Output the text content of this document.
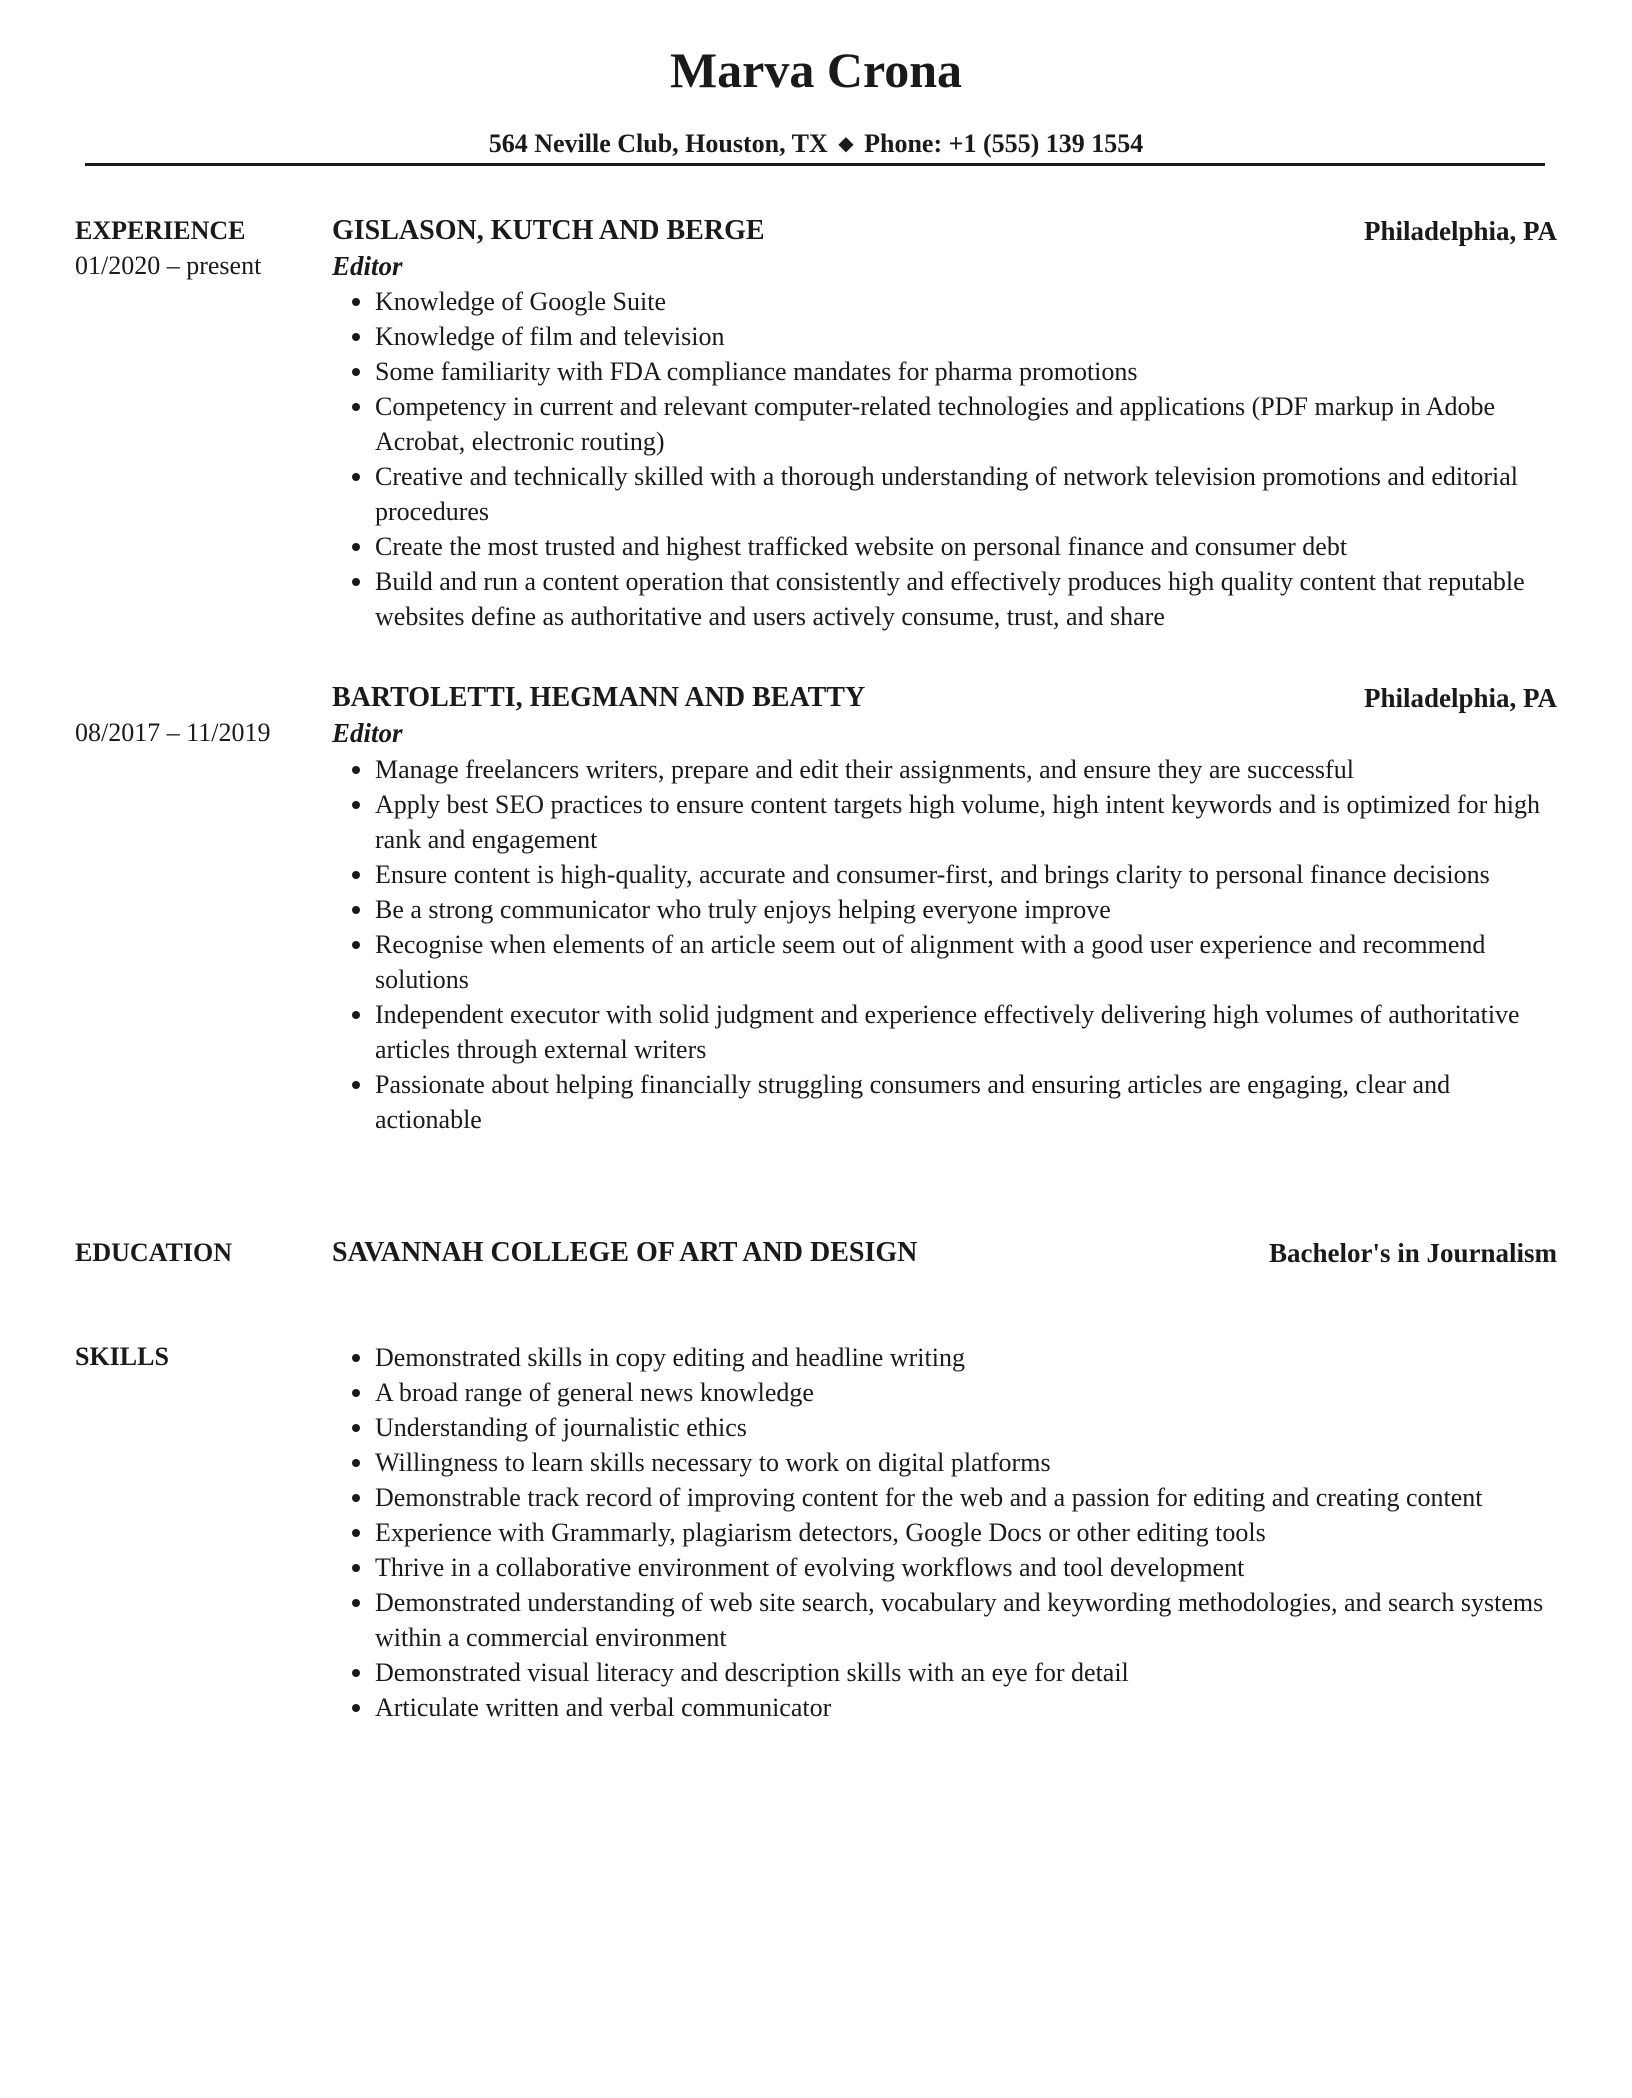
Marva Crona
564 Neville Club, Houston, TX ◆ Phone: +1 (555) 139 1554
EXPERIENCE
01/2020 – present
GISLASON, KUTCH AND BERGE	Philadelphia, PA
Editor
Knowledge of Google Suite
Knowledge of film and television
Some familiarity with FDA compliance mandates for pharma promotions
Competency in current and relevant computer-related technologies and applications (PDF markup in Adobe Acrobat, electronic routing)
Creative and technically skilled with a thorough understanding of network television promotions and editorial procedures
Create the most trusted and highest trafficked website on personal finance and consumer debt
Build and run a content operation that consistently and effectively produces high quality content that reputable websites define as authoritative and users actively consume, trust, and share
08/2017 – 11/2019
BARTOLETTI, HEGMANN AND BEATTY	Philadelphia, PA
Editor
Manage freelancers writers, prepare and edit their assignments, and ensure they are successful
Apply best SEO practices to ensure content targets high volume, high intent keywords and is optimized for high rank and engagement
Ensure content is high-quality, accurate and consumer-first, and brings clarity to personal finance decisions
Be a strong communicator who truly enjoys helping everyone improve
Recognise when elements of an article seem out of alignment with a good user experience and recommend solutions
Independent executor with solid judgment and experience effectively delivering high volumes of authoritative articles through external writers
Passionate about helping financially struggling consumers and ensuring articles are engaging, clear and actionable
EDUCATION	SAVANNAH COLLEGE OF ART AND DESIGN	Bachelor's in Journalism
SKILLS	Demonstrated skills in copy editing and headline writing
A broad range of general news knowledge
Understanding of journalistic ethics
Willingness to learn skills necessary to work on digital platforms
Demonstrable track record of improving content for the web and a passion for editing and creating content
Experience with Grammarly, plagiarism detectors, Google Docs or other editing tools
Thrive in a collaborative environment of evolving workflows and tool development
Demonstrated understanding of web site search, vocabulary and keywording methodologies, and search systems within a commercial environment
Demonstrated visual literacy and description skills with an eye for detail
Articulate written and verbal communicator
